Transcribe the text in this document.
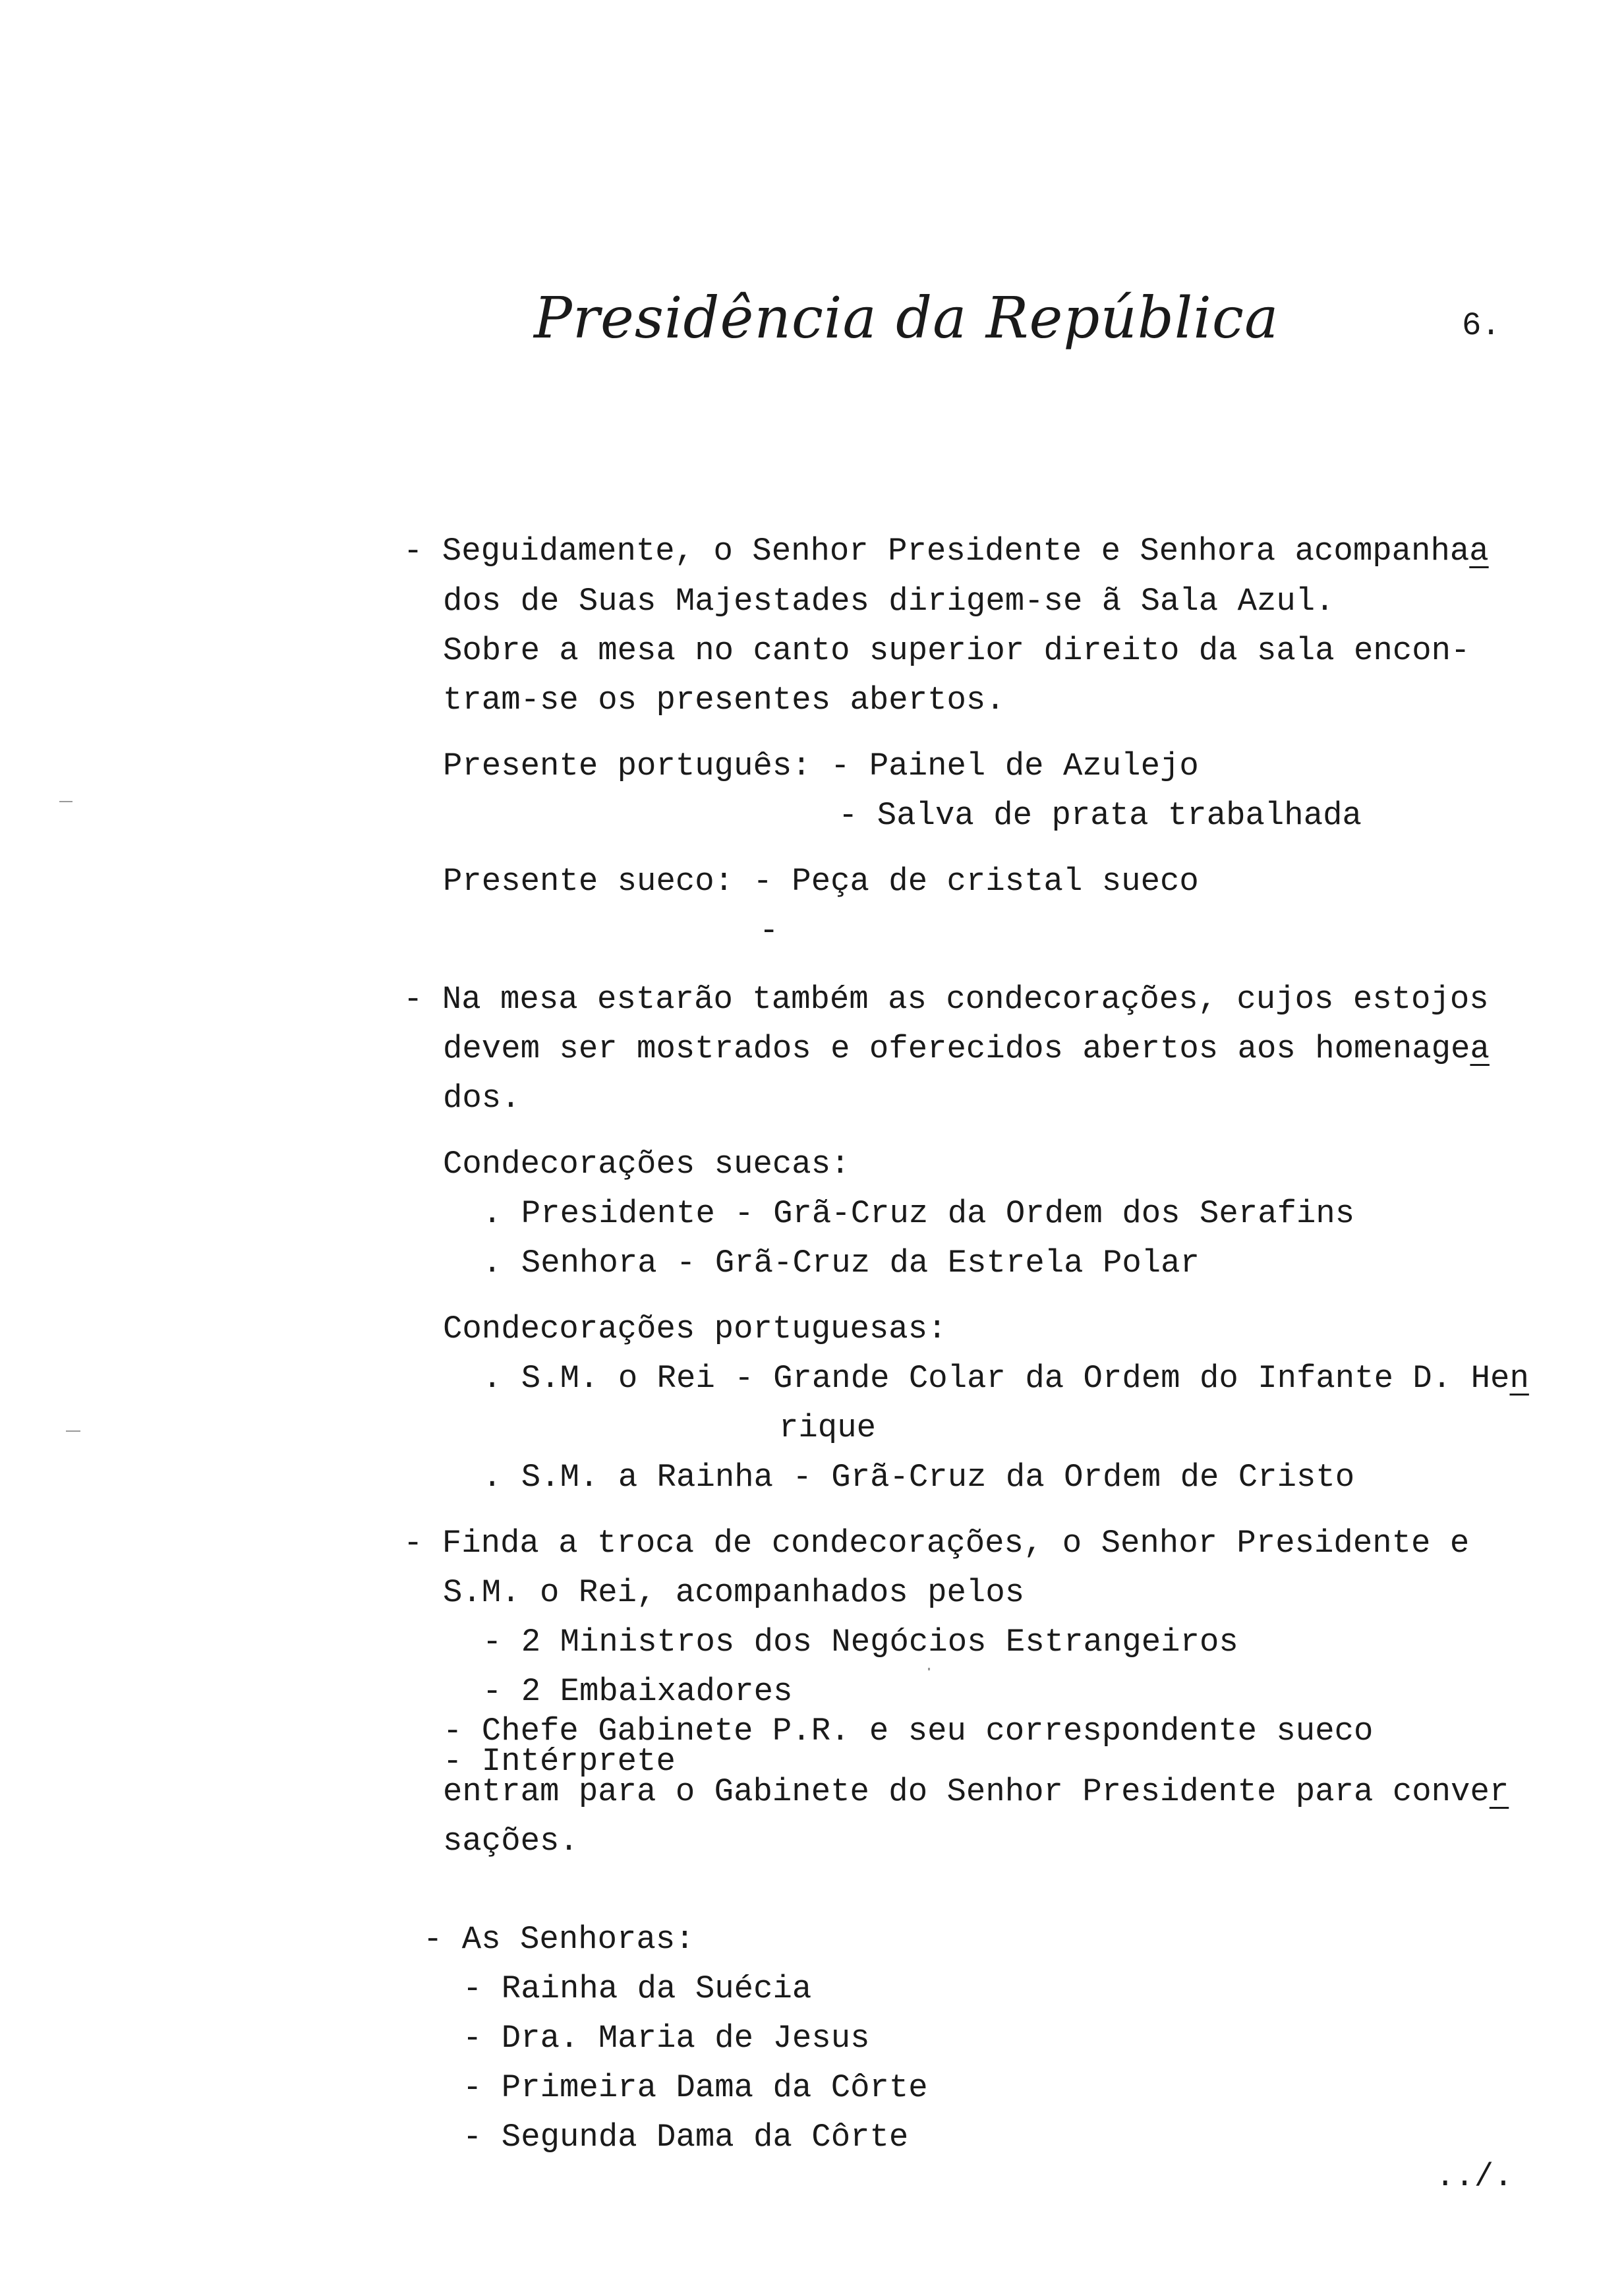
Presidência da República	6.
- Seguidamente, o Senhor Presidente e Senhora acompanhaa
dos de Suas Majestades dirigem-se ã Sala Azul.
Sobre a mesa no canto superior direito da sala encon-
tram-se os presentes abertos.
Presente português: - Painel de Azulejo
- Salva de prata trabalhada
Presente sueco: - Peça de cristal sueco
-
- Na mesa estarão também as condecorações, cujos estojos
devem ser mostrados e oferecidos abertos aos homenagea
dos.
Condecorações suecas:
. Presidente - Grã-Cruz da Ordem dos Serafins
. Senhora - Grã-Cruz da Estrela Polar
Condecorações portuguesas:
. S.M. o Rei - Grande Colar da Ordem do Infante D. Hen
rique
. S.M. a Rainha - Grã-Cruz da Ordem de Cristo
- Finda a troca de condecorações, o Senhor Presidente e
S.M. o Rei, acompanhados pelos
- 2 Ministros dos Negócios Estrangeiros
- 2 Embaixadores
- Chefe Gabinete P.R. e seu correspondente sueco
- Intérprete
entram para o Gabinete do Senhor Presidente para conver
sações.
- As Senhoras:
- Rainha da Suécia
- Dra. Maria de Jesus
- Primeira Dama da Côrte
- Segunda Dama da Côrte
../.
